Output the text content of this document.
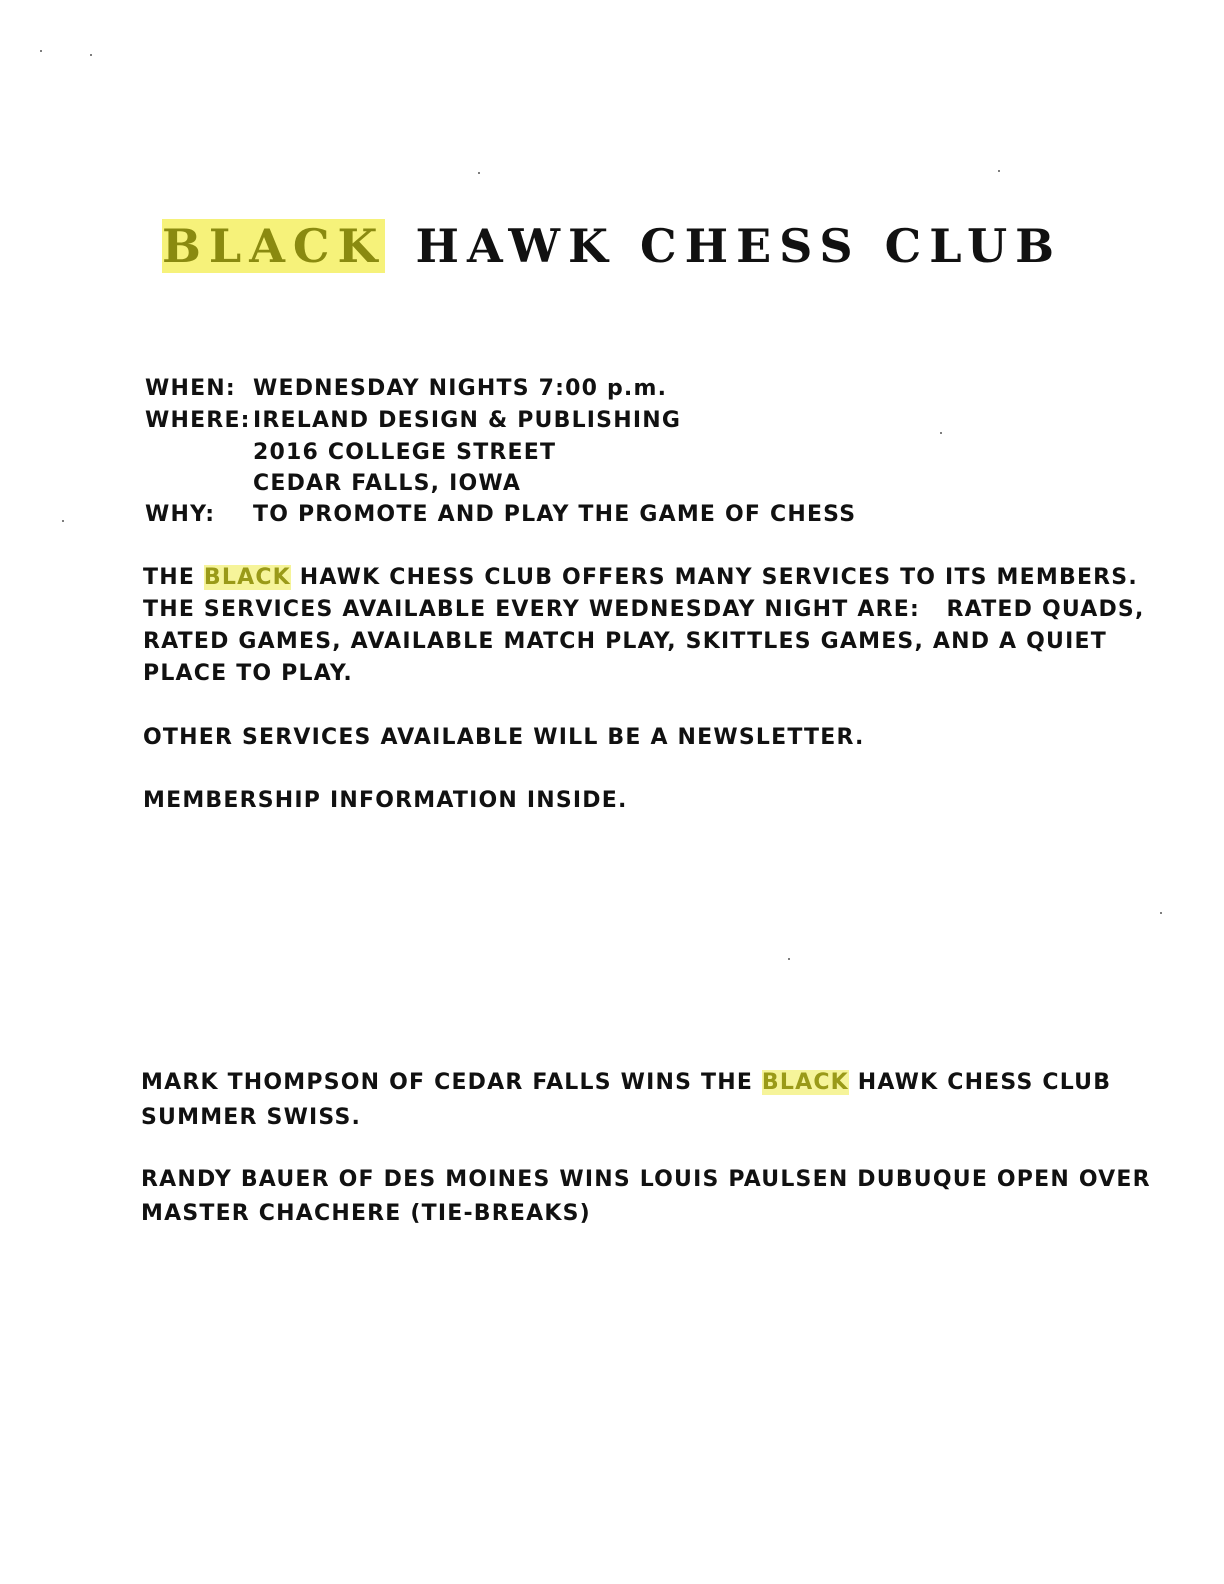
BLACK HAWK CHESS CLUB
WHEN: WEDNESDAY NIGHTS 7:00 p.m.
WHERE: IRELAND DESIGN & PUBLISHING
2016 COLLEGE STREET
CEDAR FALLS, IOWA
WHY: TO PROMOTE AND PLAY THE GAME OF CHESS
THE BLACK HAWK CHESS CLUB OFFERS MANY SERVICES TO ITS MEMBERS.
THE SERVICES AVAILABLE EVERY WEDNESDAY NIGHT ARE:   RATED QUADS,
RATED GAMES, AVAILABLE MATCH PLAY, SKITTLES GAMES, AND A QUIET
PLACE TO PLAY.
OTHER SERVICES AVAILABLE WILL BE A NEWSLETTER.
MEMBERSHIP INFORMATION INSIDE.
MARK THOMPSON OF CEDAR FALLS WINS THE BLACK HAWK CHESS CLUB
SUMMER SWISS.
RANDY BAUER OF DES MOINES WINS LOUIS PAULSEN DUBUQUE OPEN OVER
MASTER CHACHERE (TIE-BREAKS)
